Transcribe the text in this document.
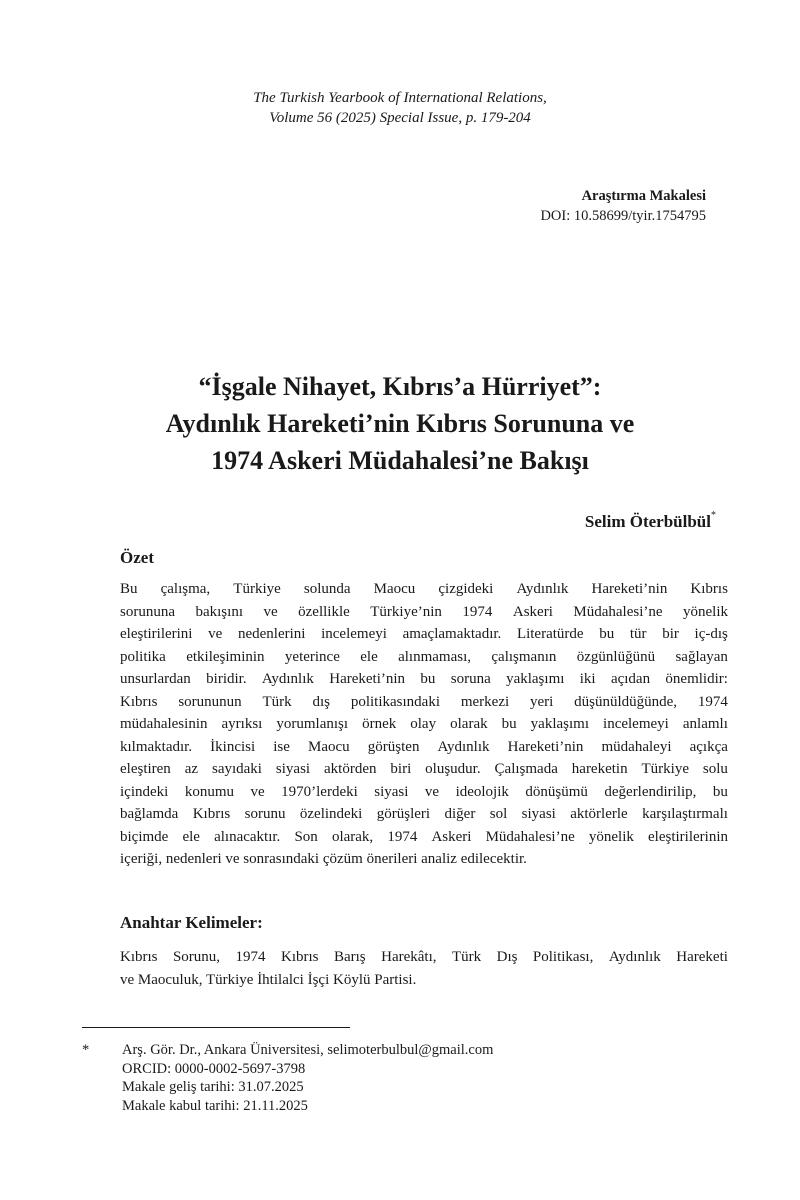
The Turkish Yearbook of International Relations,
Volume 56 (2025) Special Issue, p. 179-204
Araştırma Makalesi
DOI: 10.58699/tyir.1754795
“İşgale Nihayet, Kıbrıs’a Hürriyet”:
Aydınlık Hareketi’nin Kıbrıs Sorununa ve
1974 Askeri Müdahalesi’ne Bakışı
Selim Öterbülbül*
Özet
Bu çalışma, Türkiye solunda Maocu çizgideki Aydınlık Hareketi’nin Kıbrıs
sorununa bakışını ve özellikle Türkiye’nin 1974 Askeri Müdahalesi’ne yönelik
eleştirilerini ve nedenlerini incelemeyi amaçlamaktadır. Literatürde bu tür bir iç-dış
politika etkileşiminin yeterince ele alınmaması, çalışmanın özgünlüğünü sağlayan
unsurlardan biridir. Aydınlık Hareketi’nin bu soruna yaklaşımı iki açıdan önemlidir:
Kıbrıs sorununun Türk dış politikasındaki merkezi yeri düşünüldüğünde, 1974
müdahalesinin ayrıksı yorumlanışı örnek olay olarak bu yaklaşımı incelemeyi anlamlı
kılmaktadır. İkincisi ise Maocu görüşten Aydınlık Hareketi’nin müdahaleyi açıkça
eleştiren az sayıdaki siyasi aktörden biri oluşudur. Çalışmada hareketin Türkiye solu
içindeki konumu ve 1970’lerdeki siyasi ve ideolojik dönüşümü değerlendirilip, bu
bağlamda Kıbrıs sorunu özelindeki görüşleri diğer sol siyasi aktörlerle karşılaştırmalı
biçimde ele alınacaktır. Son olarak, 1974 Askeri Müdahalesi’ne yönelik eleştirilerinin
içeriği, nedenleri ve sonrasındaki çözüm önerileri analiz edilecektir.
Anahtar Kelimeler:
Kıbrıs Sorunu, 1974 Kıbrıs Barış Harekâtı, Türk Dış Politikası, Aydınlık Hareketi
ve Maoculuk, Türkiye İhtilalci İşçi Köylü Partisi.
*	Arş. Gör. Dr., Ankara Üniversitesi, selimoterbulbul@gmail.com
ORCID: 0000-0002-5697-3798
Makale geliş tarihi: 31.07.2025
Makale kabul tarihi: 21.11.2025
